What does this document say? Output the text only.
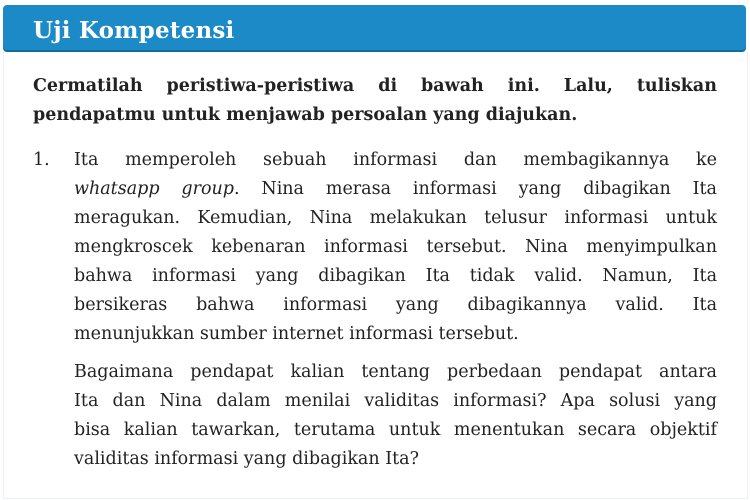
Uji Kompetensi

Cermatilah peristiwa-peristiwa di bawah ini. Lalu, tuliskan pendapatmu untuk menjawab persoalan yang diajukan.

1. Ita memperoleh sebuah informasi dan membagikannya ke
whatsapp group. Nina merasa informasi yang dibagikan Ita
meragukan. Kemudian, Nina melakukan telusur informasi untuk
mengkroscek kebenaran informasi tersebut. Nina menyimpulkan
bahwa informasi yang dibagikan Ita tidak valid. Namun, Ita
bersikeras bahwa informasi yang dibagikannya valid. Ita
menunjukkan sumber internet informasi tersebut.
Bagaimana pendapat kalian tentang perbedaan pendapat antara
Ita dan Nina dalam menilai validitas informasi? Apa solusi yang
bisa kalian tawarkan, terutama untuk menentukan secara objektif
validitas informasi yang dibagikan Ita?
